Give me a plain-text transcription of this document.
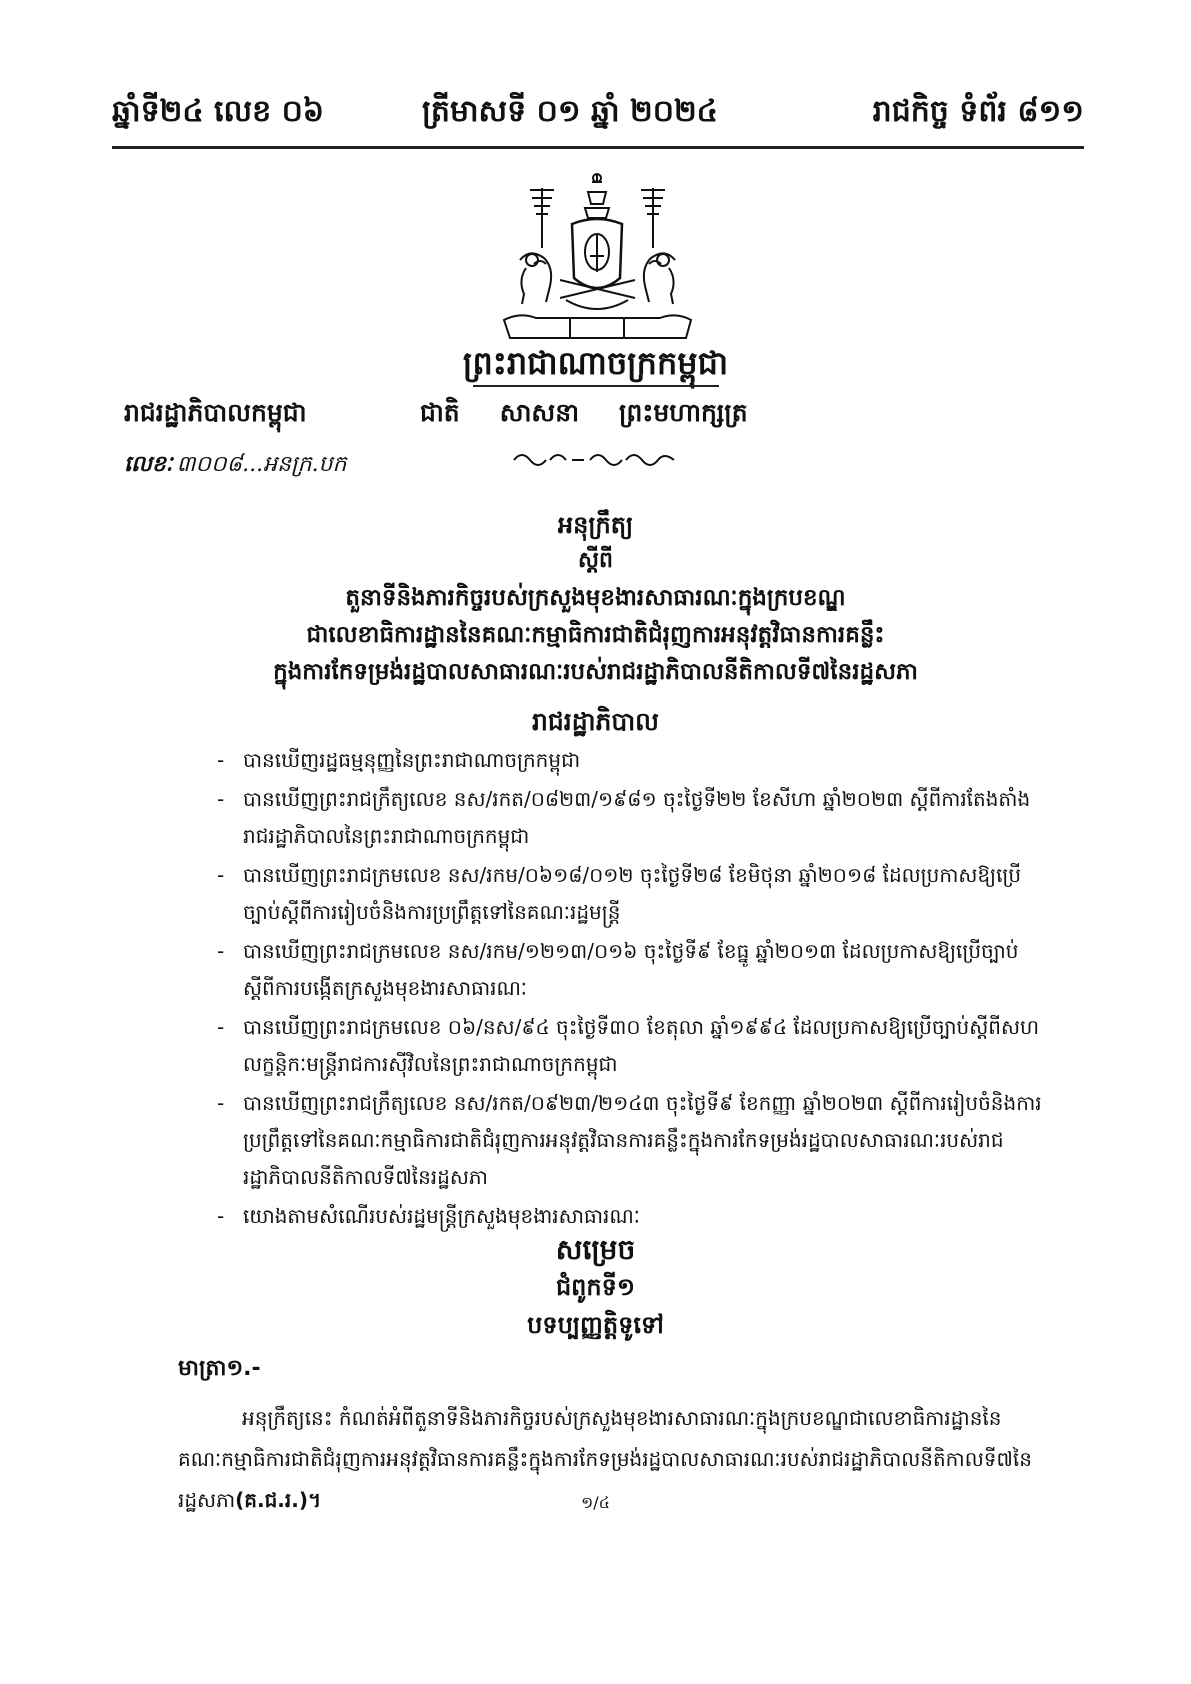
ឆ្នាំទី២៤ លេខ ០៦	ត្រីមាសទី ០១ ឆ្នាំ ២០២៤	រាជកិច្ច ទំព័រ ៨១១
ព្រះរាជាណាចក្រកម្ពុជា
រាជរដ្ឋាភិបាលកម្ពុជា	ជាតិ សាសនា ព្រះមហាក្សត្រ
លេខៈ ៣០០៨...អនក្រ.បក
អនុក្រឹត្យ
ស្តីពី
តួនាទីនិងភារកិច្ចរបស់ក្រសួងមុខងារសាធារណៈក្នុងក្របខណ្ឌ
ជាលេខាធិការដ្ឋាននៃគណៈកម្មាធិការជាតិជំរុញការអនុវត្តវិធានការគន្លឹះ
ក្នុងការកែទម្រង់រដ្ឋបាលសាធារណៈរបស់រាជរដ្ឋាភិបាលនីតិកាលទី៧នៃរដ្ឋសភា
រាជរដ្ឋាភិបាល
- បានឃើញរដ្ឋធម្មនុញ្ញនៃព្រះរាជាណាចក្រកម្ពុជា
- បានឃើញព្រះរាជក្រឹត្យលេខ នស/រកត/០៨២៣/១៩៨១ ចុះថ្ងៃទី២២ ខែសីហា ឆ្នាំ២០២៣ ស្តីពីការតែងតាំងរាជរដ្ឋាភិបាលនៃព្រះរាជាណាចក្រកម្ពុជា
- បានឃើញព្រះរាជក្រមលេខ នស/រកម/០៦១៨/០១២ ចុះថ្ងៃទី២៨ ខែមិថុនា ឆ្នាំ២០១៨ ដែលប្រកាសឱ្យប្រើច្បាប់ស្តីពីការរៀបចំនិងការប្រព្រឹត្តទៅនៃគណៈរដ្ឋមន្ត្រី
- បានឃើញព្រះរាជក្រមលេខ នស/រកម/១២១៣/០១៦ ចុះថ្ងៃទី៩ ខែធ្នូ ឆ្នាំ២០១៣ ដែលប្រកាសឱ្យប្រើច្បាប់ស្តីពីការបង្កើតក្រសួងមុខងារសាធារណៈ
- បានឃើញព្រះរាជក្រមលេខ ០៦/នស/៩៤ ចុះថ្ងៃទី៣០ ខែតុលា ឆ្នាំ១៩៩៤ ដែលប្រកាសឱ្យប្រើច្បាប់ស្តីពីសហលក្ខន្តិកៈមន្ត្រីរាជការស៊ីវិលនៃព្រះរាជាណាចក្រកម្ពុជា
- បានឃើញព្រះរាជក្រឹត្យលេខ នស/រកត/០៩២៣/២១៤៣ ចុះថ្ងៃទី៩ ខែកញ្ញា ឆ្នាំ២០២៣ ស្តីពីការរៀបចំនិងការប្រព្រឹត្តទៅនៃគណៈកម្មាធិការជាតិជំរុញការអនុវត្តវិធានការគន្លឹះក្នុងការកែទម្រង់រដ្ឋបាលសាធារណៈរបស់រាជរដ្ឋាភិបាលនីតិកាលទី៧នៃរដ្ឋសភា
- យោងតាមសំណើរបស់រដ្ឋមន្ត្រីក្រសួងមុខងារសាធារណៈ
សម្រេច
ជំពូកទី១
បទប្បញ្ញត្តិទូទៅ
មាត្រា១.-

អនុក្រឹត្យនេះ កំណត់អំពីតួនាទីនិងភារកិច្ចរបស់ក្រសួងមុខងារសាធារណៈក្នុងក្របខណ្ឌជាលេខាធិការដ្ឋាននៃគណៈកម្មាធិការជាតិជំរុញការអនុវត្តវិធានការគន្លឹះក្នុងការកែទម្រង់រដ្ឋបាលសាធារណៈរបស់រាជរដ្ឋាភិបាលនីតិកាលទី៧នៃរដ្ឋសភា(គ.ជ.រ.)។	១/៤
